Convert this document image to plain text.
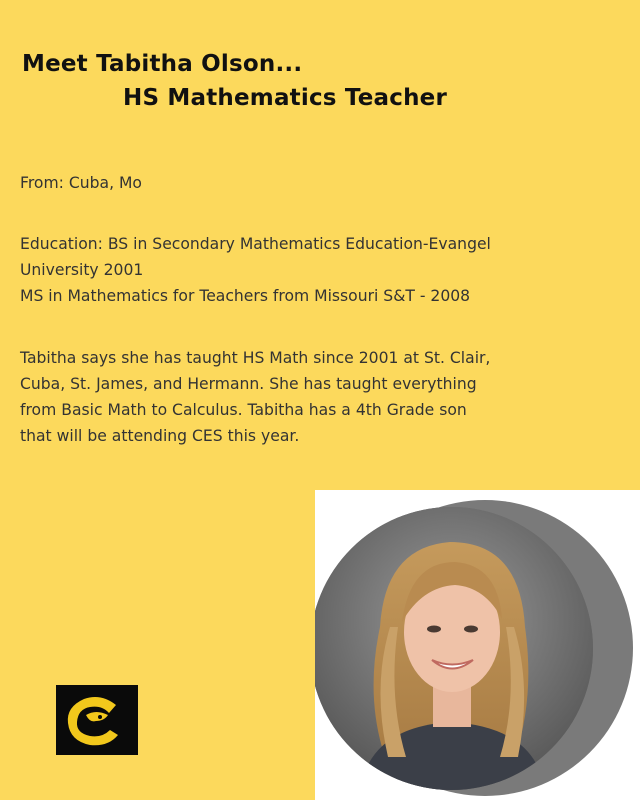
Meet Tabitha Olson...
HS Mathematics Teacher
From: Cuba, Mo
Education: BS in Secondary Mathematics Education-Evangel
University 2001
MS in Mathematics for Teachers from Missouri S&T - 2008
Tabitha says she has taught HS Math since 2001 at St. Clair,
Cuba, St. James, and Hermann. She has taught everything
from Basic Math to Calculus. Tabitha has a 4th Grade son
that will be attending CES this year.
